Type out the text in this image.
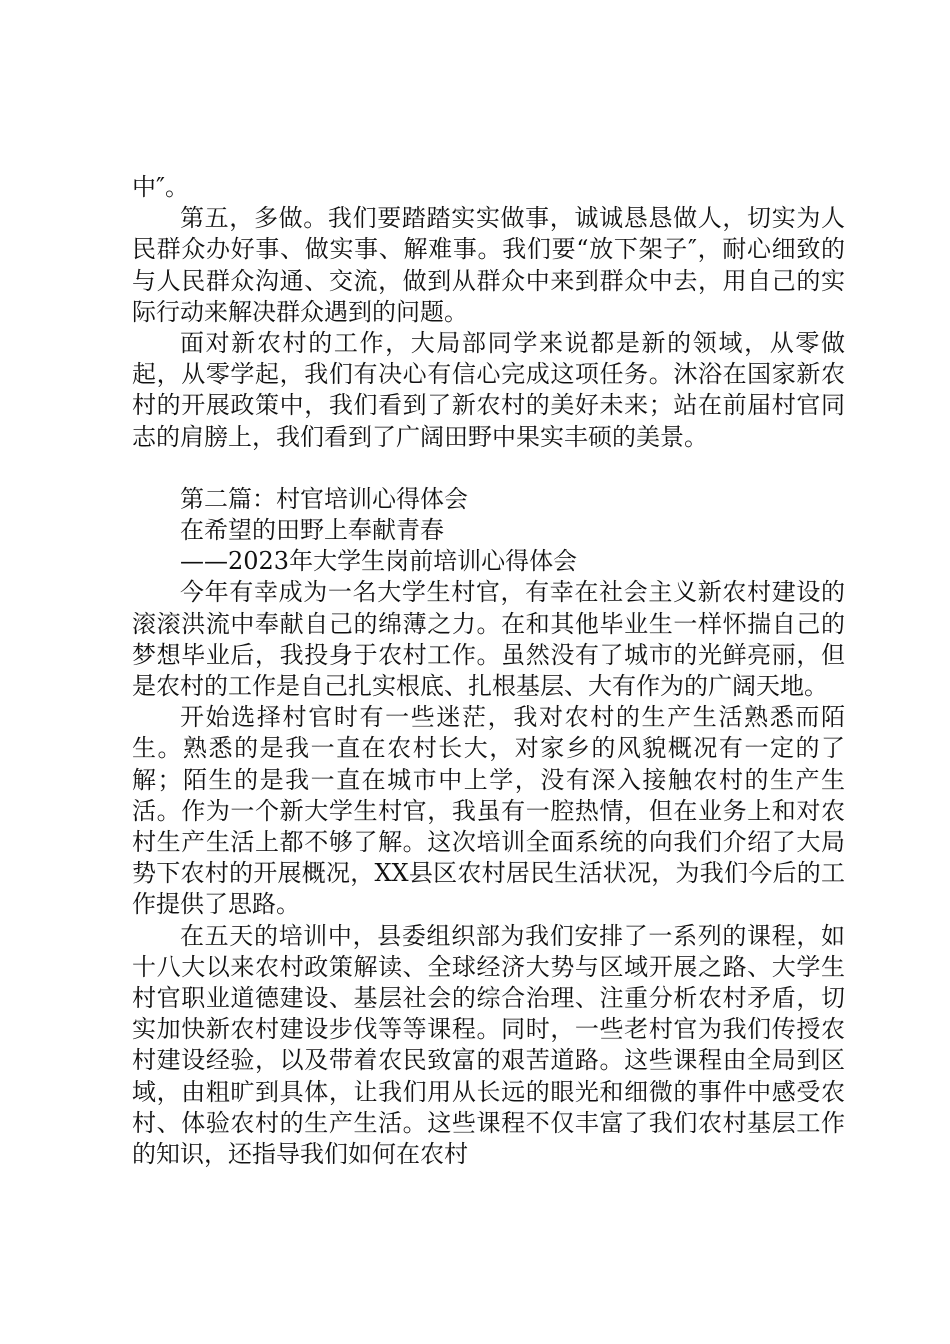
中″。

第五，多做。我们要踏踏实实做事，诚诚恳恳做人，切实为人民群众办好事、做实事、解难事。我们要“放下架子″，耐心细致的与人民群众沟通、交流，做到从群众中来到群众中去，用自己的实际行动来解决群众遇到的问题。

面对新农村的工作，大局部同学来说都是新的领域，从零做起，从零学起，我们有决心有信心完成这项任务。沐浴在国家新农村的开展政策中，我们看到了新农村的美好未来；站在前届村官同志的肩膀上，我们看到了广阔田野中果实丰硕的美景。

第二篇：村官培训心得体会

在希望的田野上奉献青春

——2023年大学生岗前培训心得体会

今年有幸成为一名大学生村官，有幸在社会主义新农村建设的滚滚洪流中奉献自己的绵薄之力。在和其他毕业生一样怀揣自己的梦想毕业后，我投身于农村工作。虽然没有了城市的光鲜亮丽，但是农村的工作是自己扎实根底、扎根基层、大有作为的广阔天地。

开始选择村官时有一些迷茫，我对农村的生产生活熟悉而陌生。熟悉的是我一直在农村长大，对家乡的风貌概况有一定的了解；陌生的是我一直在城市中上学，没有深入接触农村的生产生活。作为一个新大学生村官，我虽有一腔热情，但在业务上和对农村生产生活上都不够了解。这次培训全面系统的向我们介绍了大局势下农村的开展概况，XX县区农村居民生活状况，为我们今后的工作提供了思路。

在五天的培训中，县委组织部为我们安排了一系列的课程，如十八大以来农村政策解读、全球经济大势与区域开展之路、大学生村官职业道德建设、基层社会的综合治理、注重分析农村矛盾，切实加快新农村建设步伐等等课程。同时，一些老村官为我们传授农村建设经验，以及带着农民致富的艰苦道路。这些课程由全局到区域，由粗旷到具体，让我们用从长远的眼光和细微的事件中感受农村、体验农村的生产生活。这些课程不仅丰富了我们农村基层工作的知识，还指导我们如何在农村
